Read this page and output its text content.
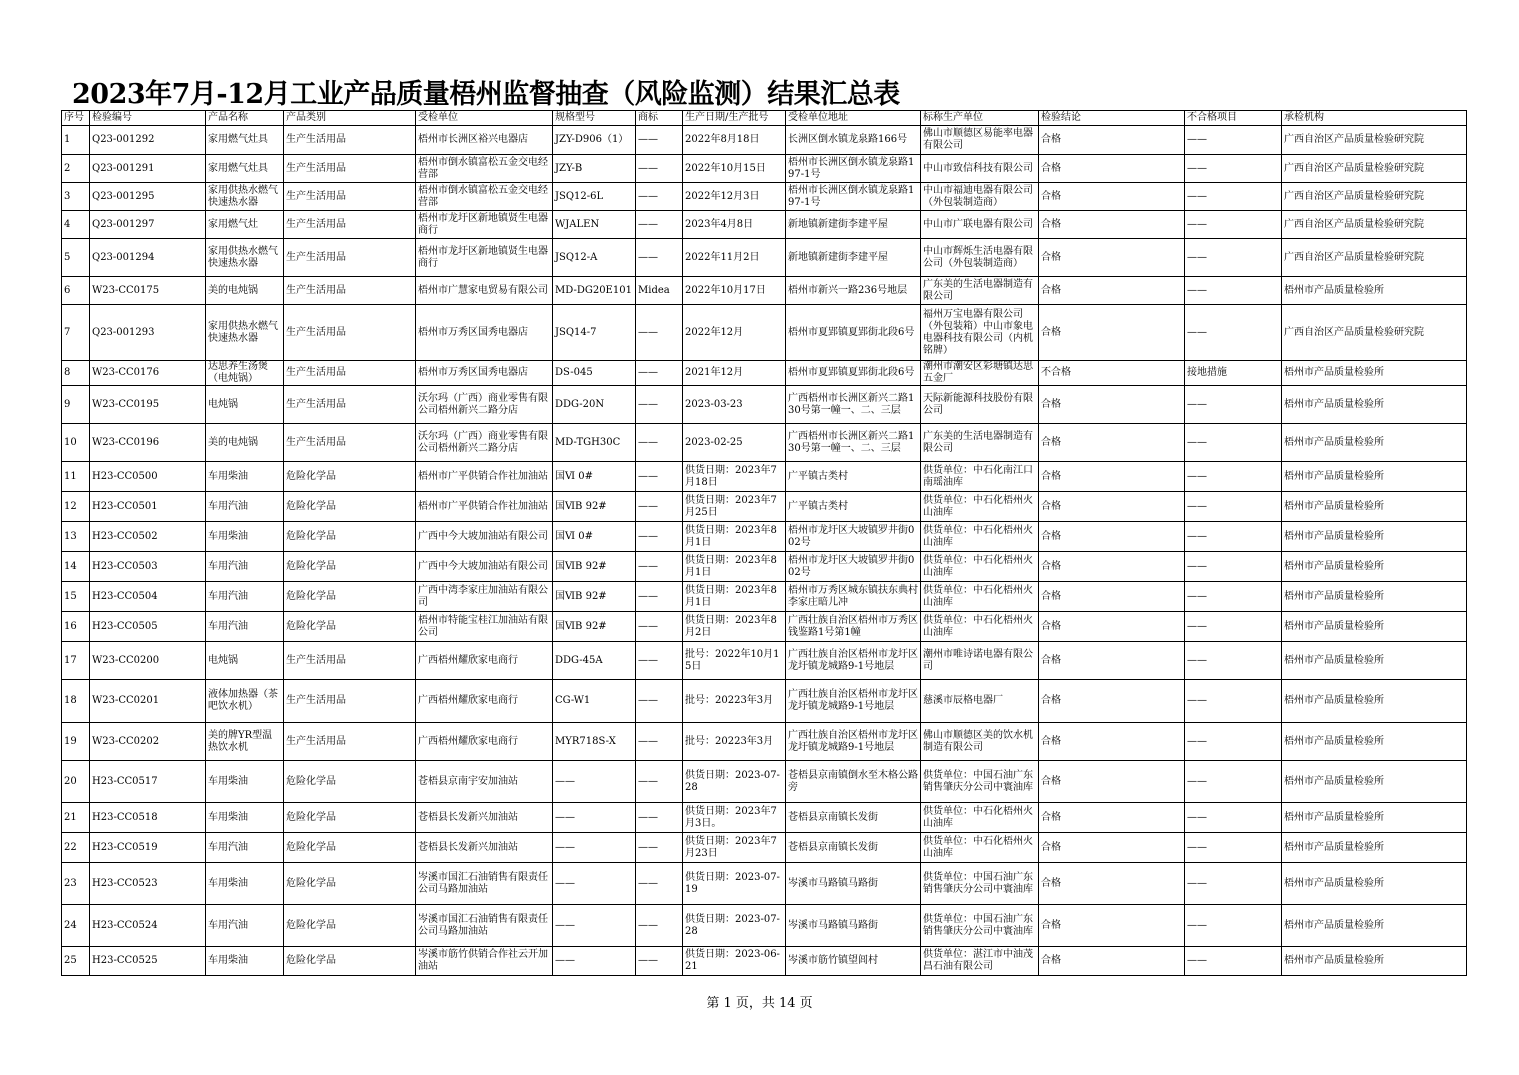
2023年7月-12月工业产品质量梧州监督抽查（风险监测）结果汇总表
序号	检验编号	产品名称	产品类别	受检单位	规格型号	商标	生产日期/生产批号	受检单位地址	标称生产单位	检验结论	不合格项目	承检机构
1	Q23-001292	家用燃气灶具	生产生活用品	梧州市长洲区裕兴电器店	JZY-D906（1）	——	2022年8月18日	长洲区倒水镇龙泉路166号	佛山市顺德区易能率电器有限公司	合格	——	广西自治区产品质量检验研究院
2	Q23-001291	家用燃气灶具	生产生活用品	梧州市倒水镇富松五金交电经营部	JZY-B	——	2022年10月15日	梧州市长洲区倒水镇龙泉路197-1号	中山市致信科技有限公司	合格	——	广西自治区产品质量检验研究院
3	Q23-001295	家用供热水燃气快速热水器	生产生活用品	梧州市倒水镇富松五金交电经营部	JSQ12-6L	——	2022年12月3日	梧州市长洲区倒水镇龙泉路197-1号	中山市福迪电器有限公司（外包装制造商）	合格	——	广西自治区产品质量检验研究院
4	Q23-001297	家用燃气灶	生产生活用品	梧州市龙圩区新地镇贤生电器商行	WJALEN	——	2023年4月8日	新地镇新建街李建平屋	中山市广联电器有限公司	合格	——	广西自治区产品质量检验研究院
5	Q23-001294	家用供热水燃气快速热水器	生产生活用品	梧州市龙圩区新地镇贤生电器商行	JSQ12-A	——	2022年11月2日	新地镇新建街李建平屋	中山市辉烁生活电器有限公司（外包装制造商）	合格	——	广西自治区产品质量检验研究院
6	W23-CC0175	美的电炖锅	生产生活用品	梧州市广慧家电贸易有限公司	MD-DG20E101	Midea	2022年10月17日	梧州市新兴一路236号地层	广东美的生活电器制造有限公司	合格	——	梧州市产品质量检验所
7	Q23-001293	家用供热水燃气快速热水器	生产生活用品	梧州市万秀区国秀电器店	JSQ14-7	——	2022年12月	梧州市夏郢镇夏郢街北段6号	福州万宝电器有限公司（外包装箱）中山市象电电器科技有限公司（内机铭牌）	合格	——	广西自治区产品质量检验研究院
8	W23-CC0176	达思养生汤煲（电炖锅）	生产生活用品	梧州市万秀区国秀电器店	DS-045	——	2021年12月	梧州市夏郢镇夏郢街北段6号	潮州市潮安区彩塘镇达思五金厂	不合格	接地措施	梧州市产品质量检验所
9	W23-CC0195	电炖锅	生产生活用品	沃尔玛（广西）商业零售有限公司梧州新兴二路分店	DDG-20N	——	2023-03-23	广西梧州市长洲区新兴二路130号第一幢一、二、三层	天际新能源科技股份有限公司	合格	——	梧州市产品质量检验所
10	W23-CC0196	美的电炖锅	生产生活用品	沃尔玛（广西）商业零售有限公司梧州新兴二路分店	MD-TGH30C	——	2023-02-25	广西梧州市长洲区新兴二路130号第一幢一、二、三层	广东美的生活电器制造有限公司	合格	——	梧州市产品质量检验所
11	H23-CC0500	车用柴油	危险化学品	梧州市广平供销合作社加油站	国Ⅵ 0#	——	供货日期：2023年7月18日	广平镇古类村	供货单位：中石化南江口南瑶油库	合格	——	梧州市产品质量检验所
12	H23-CC0501	车用汽油	危险化学品	梧州市广平供销合作社加油站	国ⅥB 92#	——	供货日期：2023年7月25日	广平镇古类村	供货单位：中石化梧州火山油库	合格	——	梧州市产品质量检验所
13	H23-CC0502	车用柴油	危险化学品	广西中今大坡加油站有限公司	国Ⅵ 0#	——	供货日期：2023年8月1日	梧州市龙圩区大坡镇罗井街002号	供货单位：中石化梧州火山油库	合格	——	梧州市产品质量检验所
14	H23-CC0503	车用汽油	危险化学品	广西中今大坡加油站有限公司	国ⅥB 92#	——	供货日期：2023年8月1日	梧州市龙圩区大坡镇罗井街002号	供货单位：中石化梧州火山油库	合格	——	梧州市产品质量检验所
15	H23-CC0504	车用汽油	危险化学品	广西中湾李家庄加油站有限公司	国ⅥB 92#	——	供货日期：2023年8月1日	梧州市万秀区城东镇扶东典村李家庄暗儿冲	供货单位：中石化梧州火山油库	合格	——	梧州市产品质量检验所
16	H23-CC0505	车用汽油	危险化学品	梧州市特能宝桂江加油站有限公司	国ⅥB 92#	——	供货日期：2023年8月2日	广西壮族自治区梧州市万秀区钱鉴路1号第1幢	供货单位：中石化梧州火山油库	合格	——	梧州市产品质量检验所
17	W23-CC0200	电炖锅	生产生活用品	广西梧州耀欣家电商行	DDG-45A	——	批号：2022年10月15日	广西壮族自治区梧州市龙圩区龙圩镇龙城路9-1号地层	潮州市唯诗诺电器有限公司	合格	——	梧州市产品质量检验所
18	W23-CC0201	液体加热器（茶吧饮水机）	生产生活用品	广西梧州耀欣家电商行	CG-W1	——	批号：20223年3月	广西壮族自治区梧州市龙圩区龙圩镇龙城路9-1号地层	慈溪市辰格电器厂	合格	——	梧州市产品质量检验所
19	W23-CC0202	美的牌YR型温热饮水机	生产生活用品	广西梧州耀欣家电商行	MYR718S-X	——	批号：20223年3月	广西壮族自治区梧州市龙圩区龙圩镇龙城路9-1号地层	佛山市顺德区美的饮水机制造有限公司	合格	——	梧州市产品质量检验所
20	H23-CC0517	车用柴油	危险化学品	苍梧县京南宇安加油站	——	——	供货日期：2023-07-28	苍梧县京南镇倒水至木格公路旁	供货单位：中国石油广东销售肇庆分公司中寰油库	合格	——	梧州市产品质量检验所
21	H23-CC0518	车用柴油	危险化学品	苍梧县长发新兴加油站	——	——	供货日期：2023年7月3日。	苍梧县京南镇长发街	供货单位：中石化梧州火山油库	合格	——	梧州市产品质量检验所
22	H23-CC0519	车用汽油	危险化学品	苍梧县长发新兴加油站	——	——	供货日期：2023年7月23日	苍梧县京南镇长发街	供货单位：中石化梧州火山油库	合格	——	梧州市产品质量检验所
23	H23-CC0523	车用柴油	危险化学品	岑溪市国汇石油销售有限责任公司马路加油站	——	——	供货日期：2023-07-19	岑溪市马路镇马路街	供货单位：中国石油广东销售肇庆分公司中寰油库	合格	——	梧州市产品质量检验所
24	H23-CC0524	车用汽油	危险化学品	岑溪市国汇石油销售有限责任公司马路加油站	——	——	供货日期：2023-07-28	岑溪市马路镇马路街	供货单位：中国石油广东销售肇庆分公司中寰油库	合格	——	梧州市产品质量检验所
25	H23-CC0525	车用柴油	危险化学品	岑溪市筋竹供销合作社云开加油站	——	——	供货日期：2023-06-21	岑溪市筋竹镇望闾村	供货单位：湛江市中油茂昌石油有限公司	合格	——	梧州市产品质量检验所
第 1 页，共 14 页
